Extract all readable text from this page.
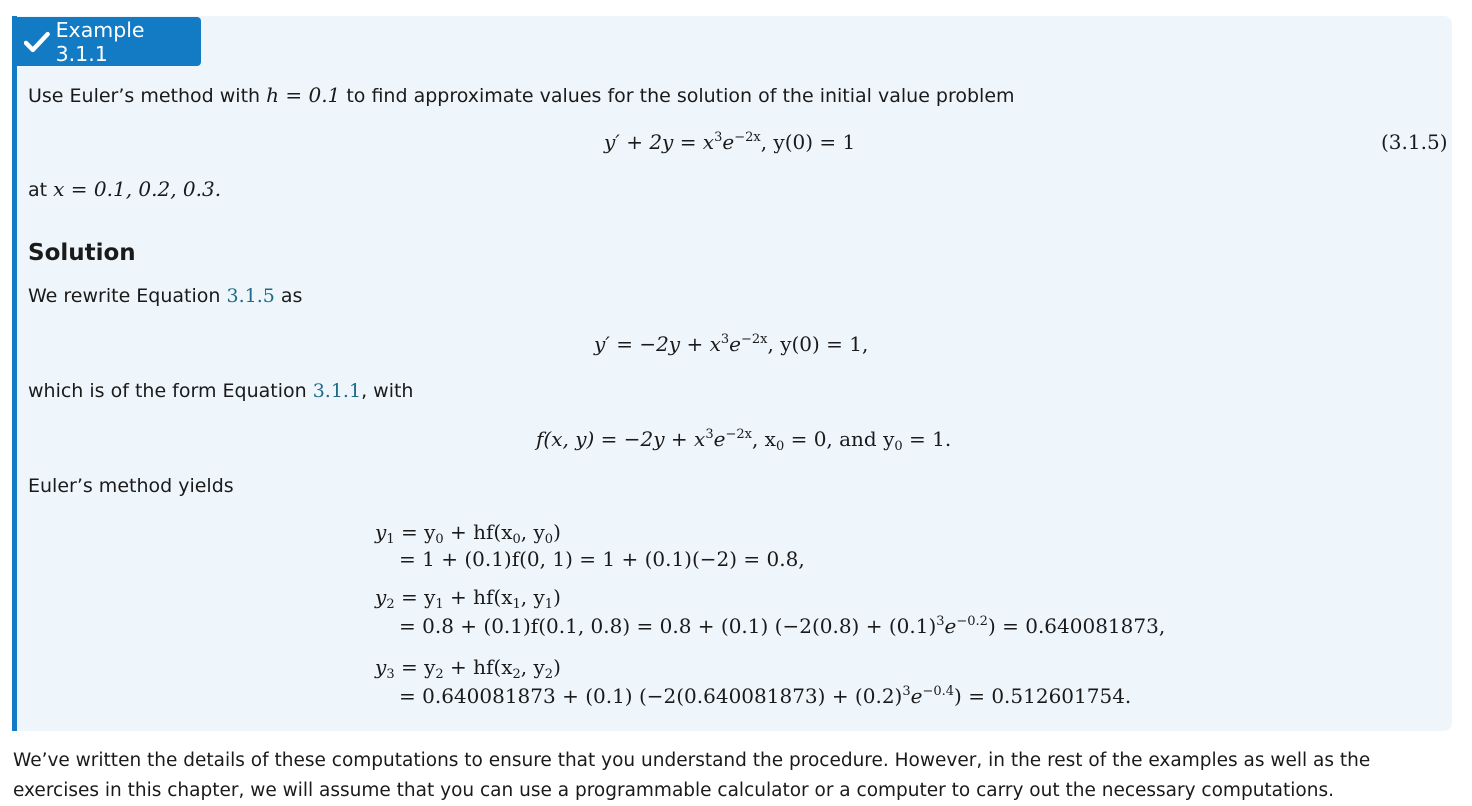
Example 3.1.1
Use Euler’s method with h = 0.1 to find approximate values for the solution of the initial value problem
$y' + 2y = x^3e^{-2x}$, y(0) = 1	(3.1.5)
at x = 0.1, 0.2, 0.3.
Solution
We rewrite Equation 3.1.5 as
$y' = -2y + x^3e^{-2x}$, y(0) = 1,
which is of the form Equation 3.1.1, with
f(x, $y) = -2y + x^3e^{-2x}$, $x_0 = 0$, and $y_0 = 1$.
Euler’s method yields
$y_1 = y_0 + hf(x_0$, $y_0$)
= 1 + (0.1)f(0, 1) = 1 + (0.1)(−2) = 0.8,
$y_2 = y_1 + hf(x_1$, $y_1$)
= 0.8 + (0.1)f(0.1, 0.8) = 0.8 + (0.1) $(-2(0.8) + (0.1)^3e^{-0.2}) = 0.640081873$,
$y_3 = y_2 + hf(x_2$, $y_2$)
= 0.640081873 + (0.1) $(-2(0.640081873) + (0.2)^3e^{-0.4}) = 0.512601754$.
We’ve written the details of these computations to ensure that you understand the procedure. However, in the rest of the examples as well as the exercises in this chapter, we will assume that you can use a programmable calculator or a computer to carry out the necessary computations.
